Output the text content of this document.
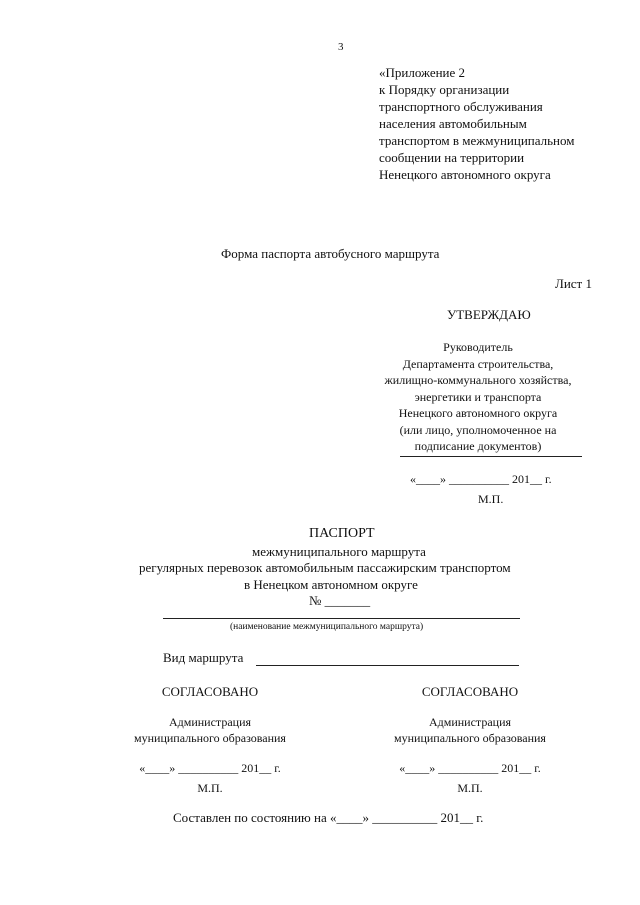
3
«Приложение 2
к Порядку организации
транспортного обслуживания
населения автомобильным
транспортом в межмуниципальном
сообщении на территории
Ненецкого автономного округа
Форма паспорта автобусного маршрута
Лист 1
УТВЕРЖДАЮ
Руководитель
Департамента строительства,
жилищно-коммунального хозяйства,
энергетики и транспорта
Ненецкого автономного округа
(или лицо, уполномоченное на
подписание документов)
«____» __________ 201__ г.
М.П.
ПАСПОРТ
межмуниципального маршрута
регулярных перевозок автомобильным пассажирским транспортом
в Ненецком автономном округе
№ _______
(наименование межмуниципального маршрута)
Вид маршрута
СОГЛАСОВАНО
Администрация
муниципального образования
«____» __________ 201__ г.
М.П.
СОГЛАСОВАНО
Администрация
муниципального образования
«____» __________ 201__ г.
М.П.
Составлен по состоянию на «____» __________ 201__ г.
